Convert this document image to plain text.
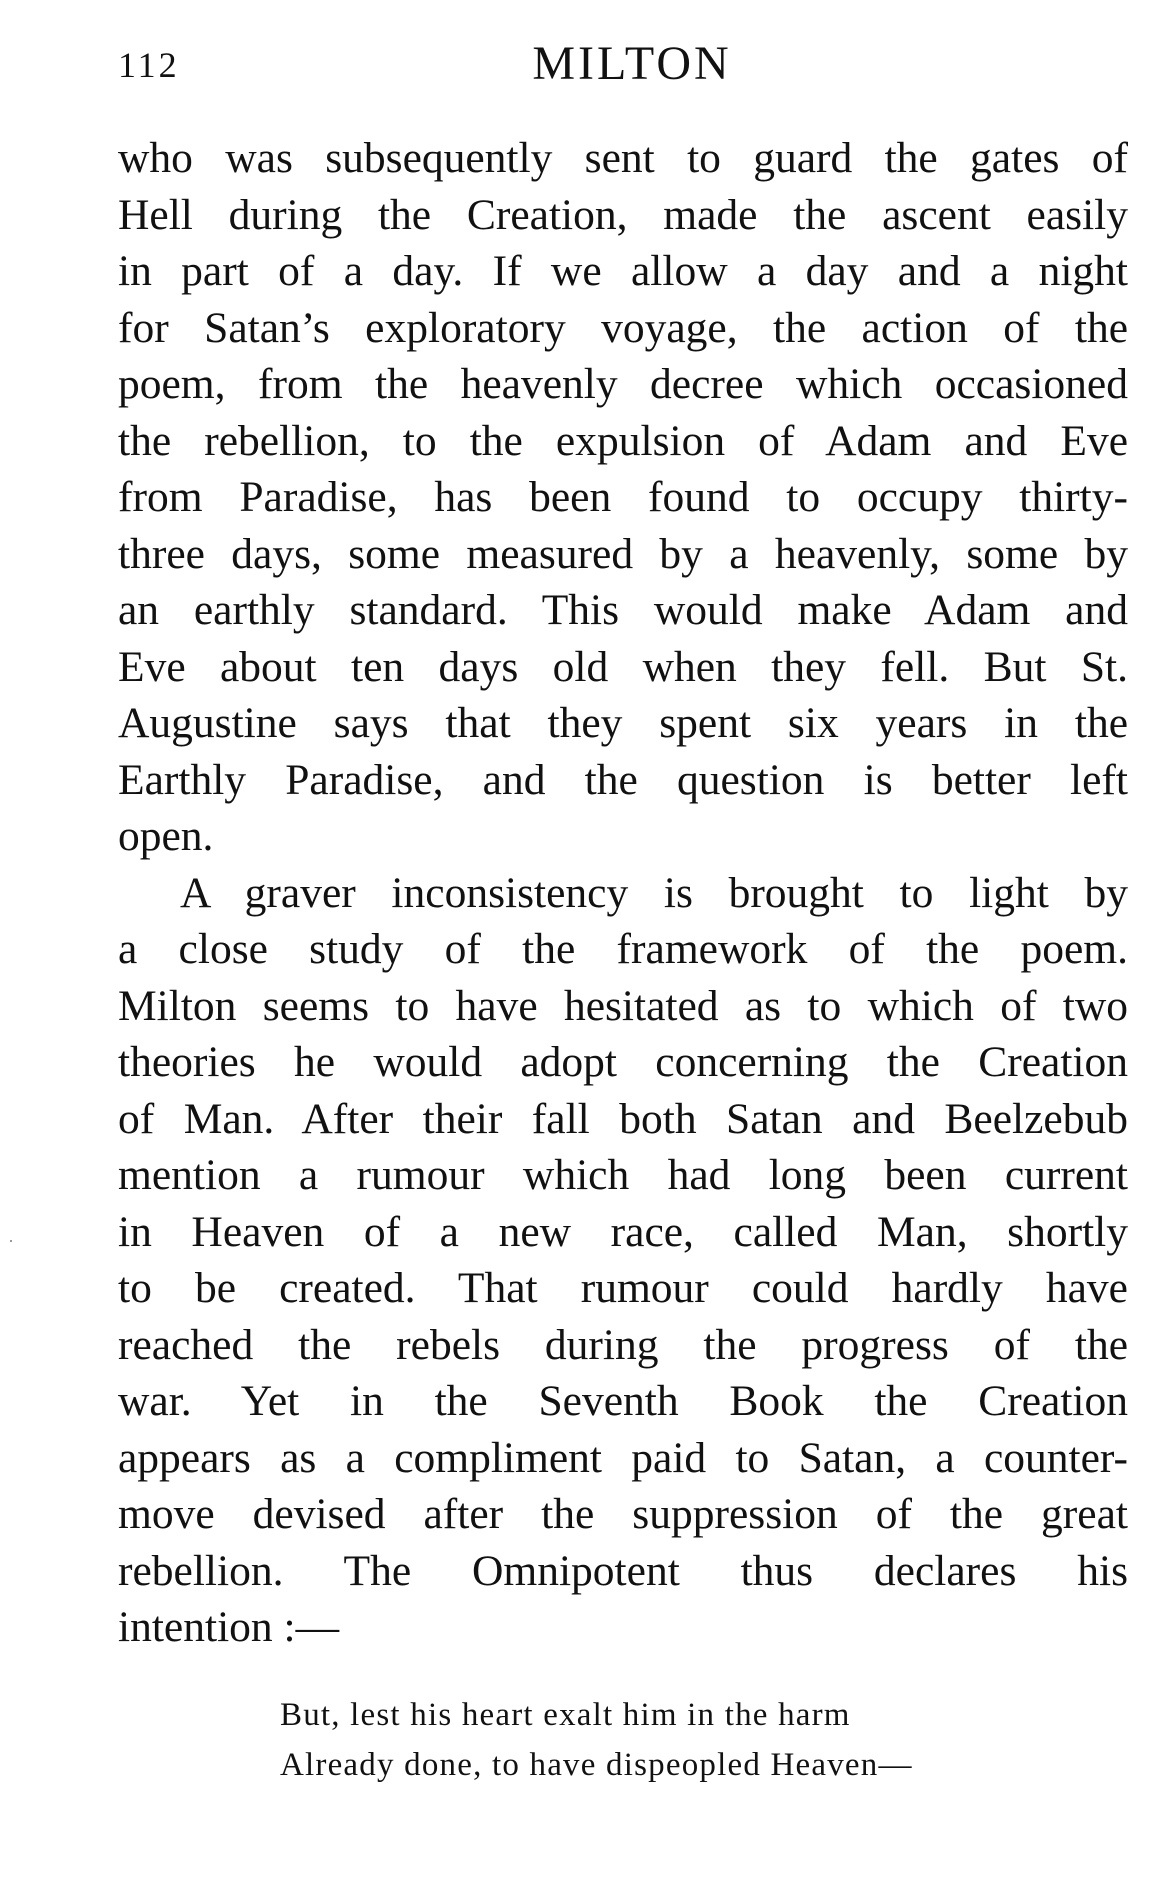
112	MILTON
who was subsequently sent to guard the gates of
Hell during the Creation, made the ascent easily
in part of a day. If we allow a day and a night
for Satan’s exploratory voyage, the action of the
poem, from the heavenly decree which occasioned
the rebellion, to the expulsion of Adam and Eve
from Paradise, has been found to occupy thirty-
three days, some measured by a heavenly, some by
an earthly standard. This would make Adam and
Eve about ten days old when they fell. But St.
Augustine says that they spent six years in the
Earthly Paradise, and the question is better left
open.
A graver inconsistency is brought to light by
a close study of the framework of the poem.
Milton seems to have hesitated as to which of two
theories he would adopt concerning the Creation
of Man. After their fall both Satan and Beelzebub
mention a rumour which had long been current
in Heaven of a new race, called Man, shortly
to be created. That rumour could hardly have
reached the rebels during the progress of the
war. Yet in the Seventh Book the Creation
appears as a compliment paid to Satan, a counter-
move devised after the suppression of the great
rebellion. The Omnipotent thus declares his
intention :—
But, lest his heart exalt him in the harm
Already done, to have dispeopled Heaven—
